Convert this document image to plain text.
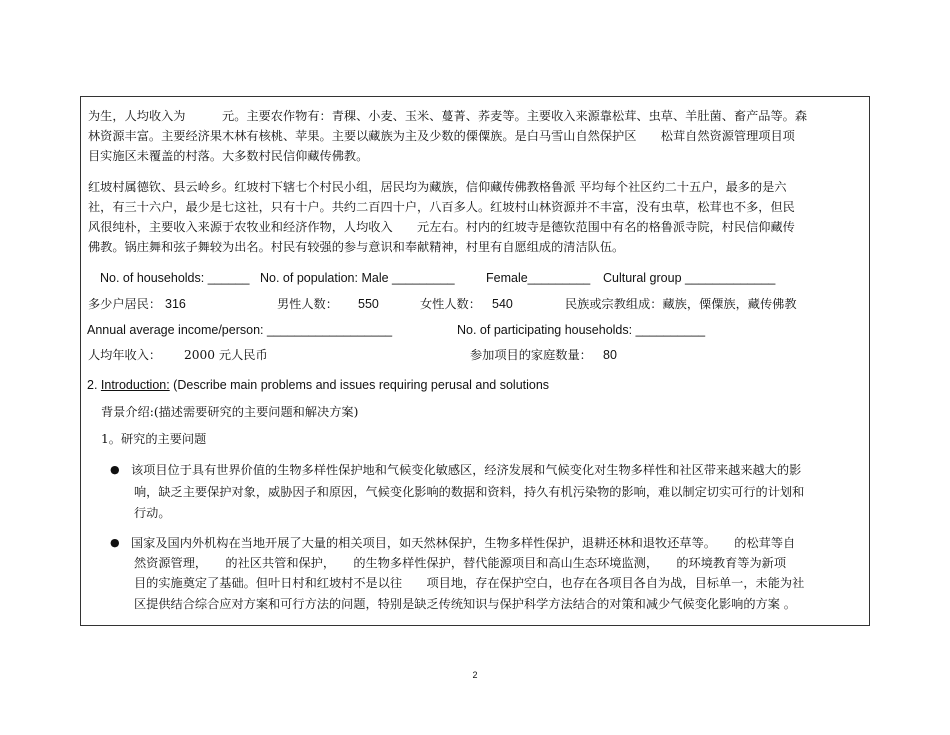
为生，人均收入为　　　元。主要农作物有：青稞、小麦、玉米、蔓菁、荞麦等。主要收入来源靠松茸、虫草、羊肚菌、畜产品等。森
林资源丰富。主要经济果木林有核桃、苹果。主要以藏族为主及少数的傈僳族。是白马雪山自然保护区　　松茸自然资源管理项目项
目实施区未覆盖的村落。大多数村民信仰藏传佛教。
红坡村属德钦、县云岭乡。红坡村下辖七个村民小组，居民均为藏族，信仰藏传佛教格鲁派 平均每个社区约二十五户，最多的是六
社，有三十六户，最少是七这社，只有十户。共约二百四十户，八百多人。红坡村山林资源并不丰富，没有虫草，松茸也不多，但民
风很纯朴，主要收入来源于农牧业和经济作物，人均收入　　元左右。村内的红坡寺是德钦范围中有名的格鲁派寺院，村民信仰藏传
佛教。锅庄舞和弦子舞较为出名。村民有较强的参与意识和奉献精神，村里有自愿组成的清洁队伍。
No. of households: ______ No. of population: Male _________	Female_________ Cultural group _____________
多少户居民： 316	男性人数： 550	女性人数： 540	民族或宗教组成：藏族，傈僳族，藏传佛教
Annual average income/person: __________________	No. of participating households: __________
人均年收入： 2000 元人民币	参加项目的家庭数量： 80
2. Introduction: (Describe main problems and issues requiring perusal and solutions
背景介绍:(描述需要研究的主要问题和解决方案)
1。研究的主要问题
● 该项目位于具有世界价值的生物多样性保护地和气候变化敏感区，经济发展和气候变化对生物多样性和社区带来越来越大的影
响，缺乏主要保护对象，威胁因子和原因，气候变化影响的数据和资料，持久有机污染物的影响，难以制定切实可行的计划和
行动。
● 国家及国内外机构在当地开展了大量的相关项目，如天然林保护，生物多样性保护，退耕还林和退牧还草等。　　的松茸等自
然资源管理，　　的社区共管和保护，　　的生物多样性保护，替代能源项目和高山生态环境监测，　　的环境教育等为新项
目的实施奠定了基础。但叶日村和红坡村不是以往　　项目地，存在保护空白，也存在各项目各自为战，目标单一，未能为社
区提供结合综合应对方案和可行方法的问题，特别是缺乏传统知识与保护科学方法结合的对策和减少气候变化影响的方案 。
2
